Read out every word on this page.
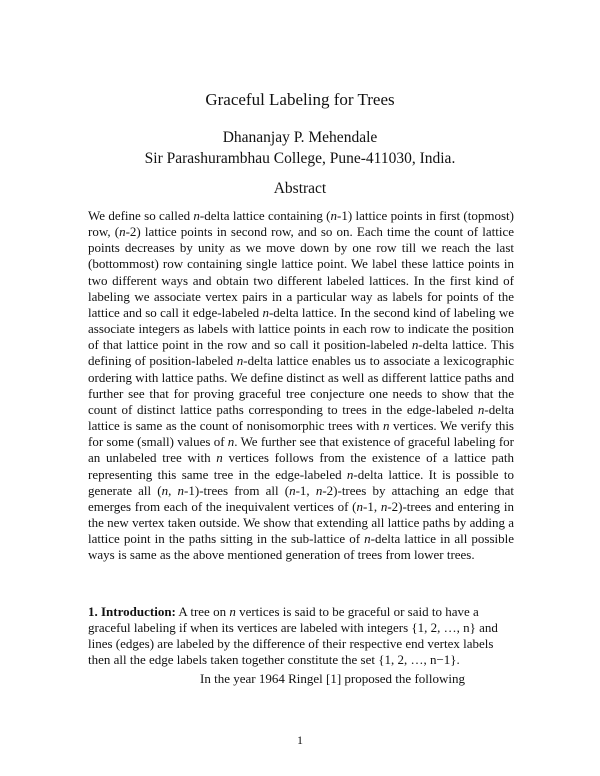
Graceful Labeling for Trees
Dhananjay P. Mehendale
Sir Parashurambhau College, Pune-411030, India.
Abstract
We define so called n-delta lattice containing (n-1) lattice points in first (topmost) row, (n-2) lattice points in second row, and so on. Each time the count of lattice points decreases by unity as we move down by one row till we reach the last (bottommost) row containing single lattice point. We label these lattice points in two different ways and obtain two different labeled lattices. In the first kind of labeling we associate vertex pairs in a particular way as labels for points of the lattice and so call it edge-labeled n-delta lattice. In the second kind of labeling we associate integers as labels with lattice points in each row to indicate the position of that lattice point in the row and so call it position-labeled n-delta lattice. This defining of position-labeled n-delta lattice enables us to associate a lexicographic ordering with lattice paths. We define distinct as well as different lattice paths and further see that for proving graceful tree conjecture one needs to show that the count of distinct lattice paths corresponding to trees in the edge-labeled n-delta lattice is same as the count of nonisomorphic trees with n vertices. We verify this for some (small) values of n. We further see that existence of graceful labeling for an unlabeled tree with n vertices follows from the existence of a lattice path representing this same tree in the edge-labeled n-delta lattice. It is possible to generate all (n, n-1)-trees from all (n-1, n-2)-trees by attaching an edge that emerges from each of the inequivalent vertices of (n-1, n-2)-trees and entering in the new vertex taken outside. We show that extending all lattice paths by adding a lattice point in the paths sitting in the sub-lattice of n-delta lattice in all possible ways is same as the above mentioned generation of trees from lower trees.
1. Introduction: A tree on n vertices is said to be graceful or said to have a graceful labeling if when its vertices are labeled with integers {1, 2, …, n} and lines (edges) are labeled by the difference of their respective end vertex labels then all the edge labels taken together constitute the set {1, 2, …, n−1}.
In the year 1964 Ringel [1] proposed the following
1
